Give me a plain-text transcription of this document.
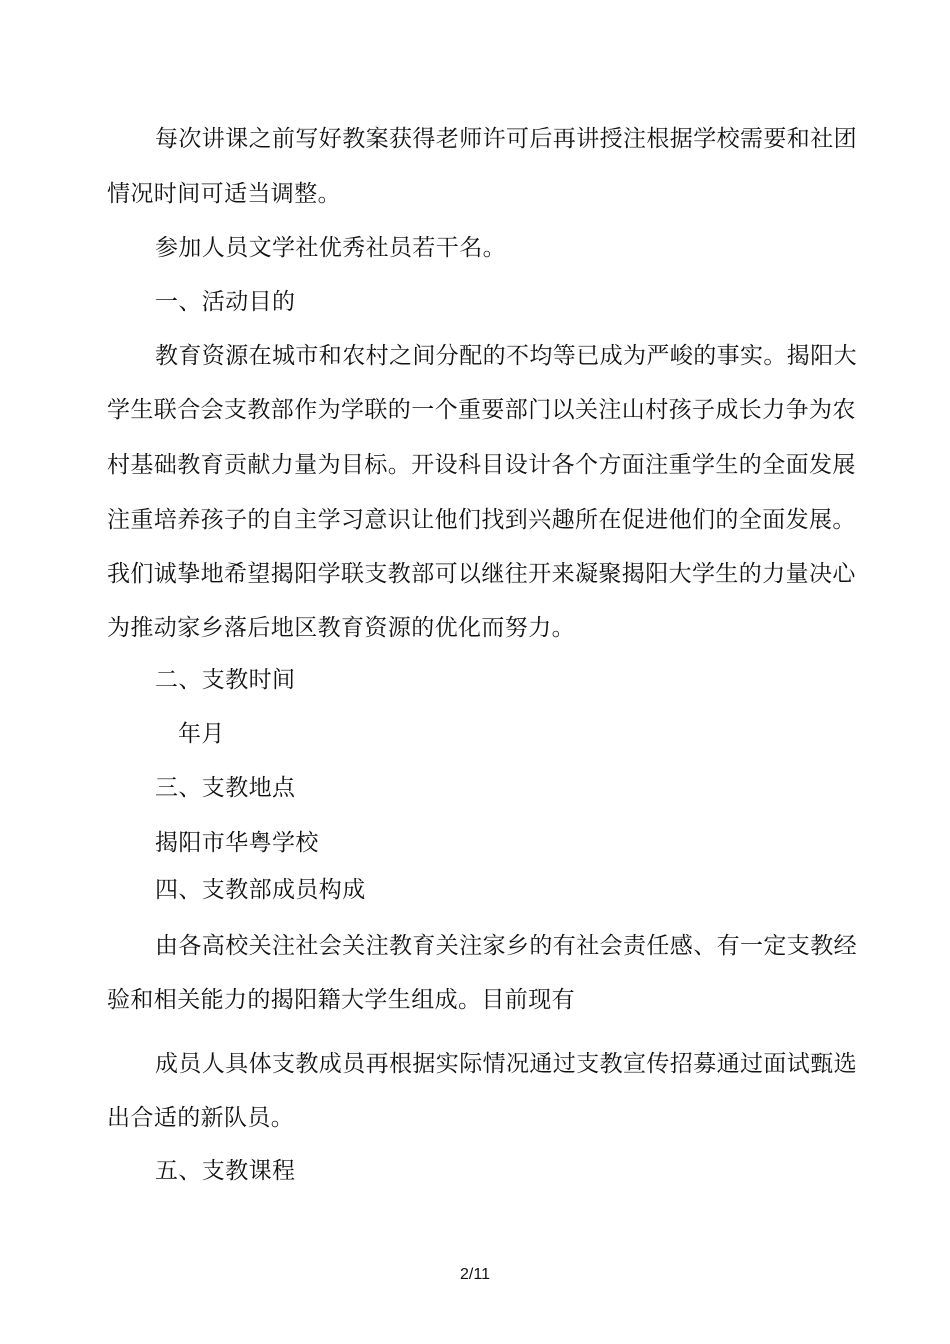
每次讲课之前写好教案获得老师许可后再讲授注根据学校需要和社团
情况时间可适当调整。
参加人员文学社优秀社员若干名。
一、活动目的
教育资源在城市和农村之间分配的不均等已成为严峻的事实。揭阳大
学生联合会支教部作为学联的一个重要部门以关注山村孩子成长力争为农
村基础教育贡献力量为目标。开设科目设计各个方面注重学生的全面发展
注重培养孩子的自主学习意识让他们找到兴趣所在促进他们的全面发展。
我们诚挚地希望揭阳学联支教部可以继往开来凝聚揭阳大学生的力量决心
为推动家乡落后地区教育资源的优化而努力。
二、支教时间
年月
三、支教地点
揭阳市华粤学校
四、支教部成员构成
由各高校关注社会关注教育关注家乡的有社会责任感、有一定支教经
验和相关能力的揭阳籍大学生组成。目前现有
成员人具体支教成员再根据实际情况通过支教宣传招募通过面试甄选
出合适的新队员。
五、支教课程
2/11
